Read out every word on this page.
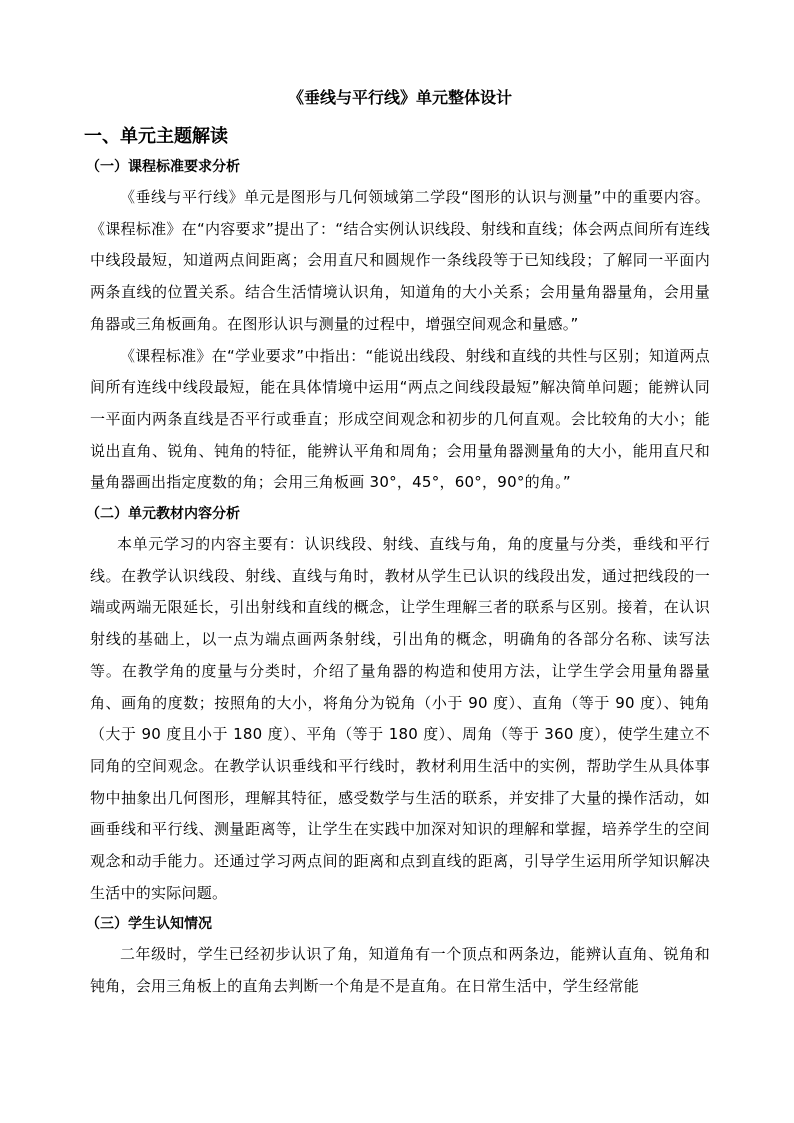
《垂线与平行线》单元整体设计
一、单元主题解读
（一）课程标准要求分析

《垂线与平行线》单元是图形与几何领域第二学段“图形的认识与测量”中的重要内容。《课程标准》在“内容要求”提出了：“结合实例认识线段、射线和直线；体会两点间所有连线中线段最短，知道两点间距离；会用直尺和圆规作一条线段等于已知线段；了解同一平面内两条直线的位置关系。结合生活情境认识角，知道角的大小关系；会用量角器量角，会用量角器或三角板画角。在图形认识与测量的过程中，增强空间观念和量感。”

《课程标准》在“学业要求”中指出：“能说出线段、射线和直线的共性与区别；知道两点间所有连线中线段最短，能在具体情境中运用“两点之间线段最短”解决简单问题；能辨认同一平面内两条直线是否平行或垂直；形成空间观念和初步的几何直观。会比较角的大小；能说出直角、锐角、钝角的特征，能辨认平角和周角；会用量角器测量角的大小，能用直尺和量角器画出指定度数的角；会用三角板画 30°，45°，60°，90°的角。”

（二）单元教材内容分析

本单元学习的内容主要有：认识线段、射线、直线与角，角的度量与分类，垂线和平行线。在教学认识线段、射线、直线与角时，教材从学生已认识的线段出发，通过把线段的一端或两端无限延长，引出射线和直线的概念，让学生理解三者的联系与区别。接着，在认识射线的基础上，以一点为端点画两条射线，引出角的概念，明确角的各部分名称、读写法等。在教学角的度量与分类时，介绍了量角器的构造和使用方法，让学生学会用量角器量角、画角的度数；按照角的大小，将角分为锐角（小于 90 度）、直角（等于 90 度）、钝角（大于 90 度且小于 180 度）、平角（等于 180 度）、周角（等于 360 度），使学生建立不同角的空间观念。在教学认识垂线和平行线时，教材利用生活中的实例，帮助学生从具体事物中抽象出几何图形，理解其特征，感受数学与生活的联系，并安排了大量的操作活动，如画垂线和平行线、测量距离等，让学生在实践中加深对知识的理解和掌握，培养学生的空间观念和动手能力。还通过学习两点间的距离和点到直线的距离，引导学生运用所学知识解决生活中的实际问题。

（三）学生认知情况

二年级时，学生已经初步认识了角，知道角有一个顶点和两条边，能辨认直角、锐角和钝角，会用三角板上的直角去判断一个角是不是直角。在日常生活中，学生经常能
